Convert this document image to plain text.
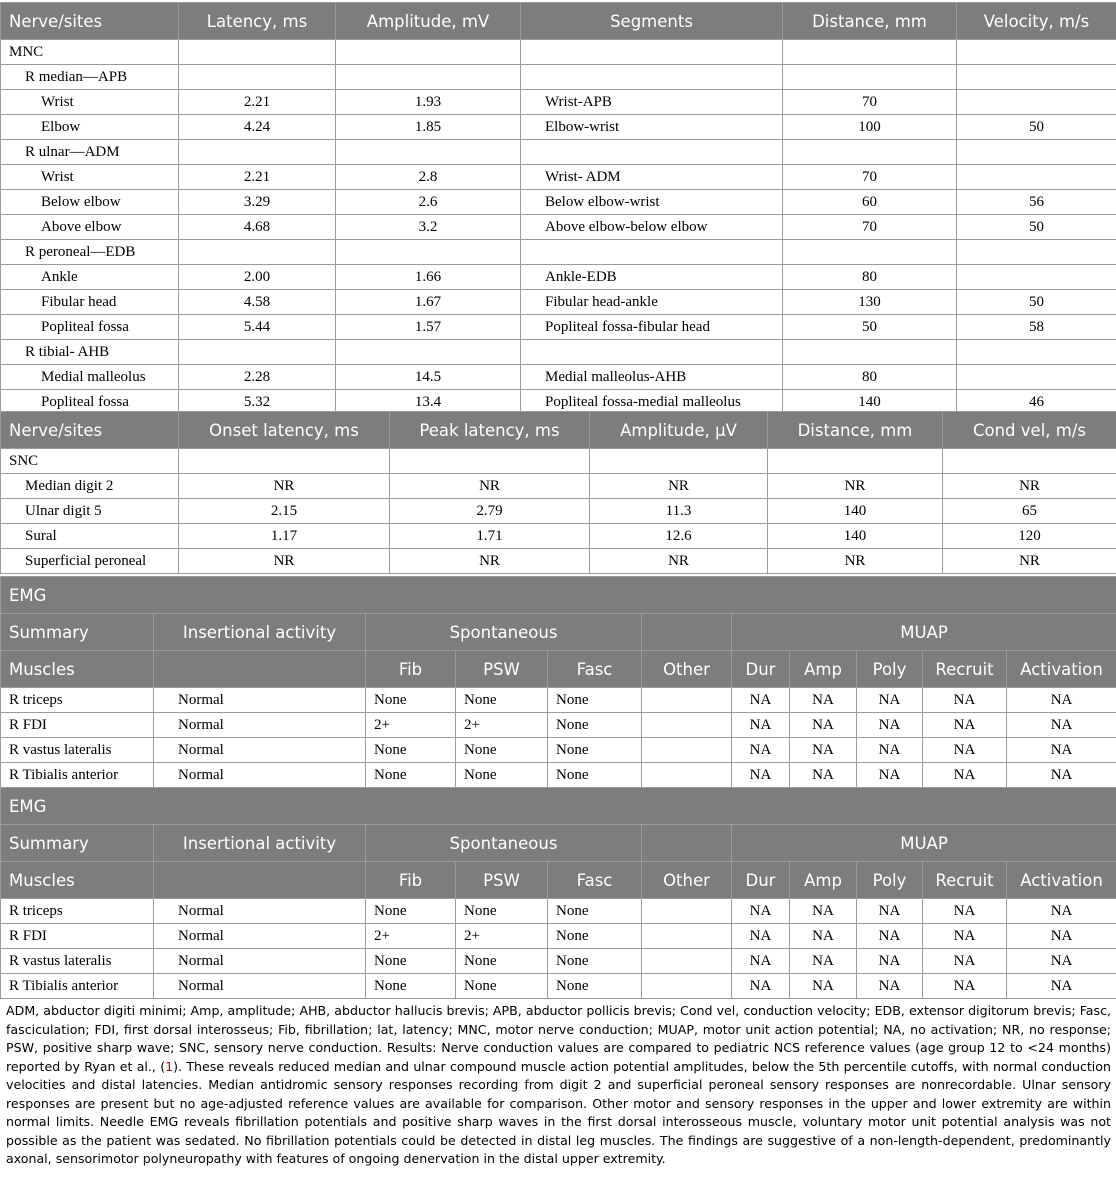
Nerve/sites	Latency, ms	Amplitude, mV	Segments	Distance, mm	Velocity, m/s
MNC					
R median—APB					
Wrist	2.21	1.93	Wrist-APB	70	
Elbow	4.24	1.85	Elbow-wrist	100	50
R ulnar—ADM					
Wrist	2.21	2.8	Wrist- ADM	70	
Below elbow	3.29	2.6	Below elbow-wrist	60	56
Above elbow	4.68	3.2	Above elbow-below elbow	70	50
R peroneal—EDB					
Ankle	2.00	1.66	Ankle-EDB	80	
Fibular head	4.58	1.67	Fibular head-ankle	130	50
Popliteal fossa	5.44	1.57	Popliteal fossa-fibular head	50	58
R tibial- AHB					
Medial malleolus	2.28	14.5	Medial malleolus-AHB	80	
Popliteal fossa	5.32	13.4	Popliteal fossa-medial malleolus	140	46
Nerve/sites	Onset latency, ms	Peak latency, ms	Amplitude, μV	Distance, mm	Cond vel, m/s
SNC					
Median digit 2	NR	NR	NR	NR	NR
Ulnar digit 5	2.15	2.79	11.3	140	65
Sural	1.17	1.71	12.6	140	120
Superficial peroneal	NR	NR	NR	NR	NR
EMG										
Summary	Insertional activity	Spontaneous				MUAP				
Muscles		Fib	PSW	Fasc	Other	Dur	Amp	Poly	Recruit	Activation
R triceps	Normal	None	None	None		NA	NA	NA	NA	NA
R FDI	Normal	2+	2+	None		NA	NA	NA	NA	NA
R vastus lateralis	Normal	None	None	None		NA	NA	NA	NA	NA
R Tibialis anterior	Normal	None	None	None		NA	NA	NA	NA	NA
EMG										
Summary	Insertional activity	Spontaneous				MUAP				
Muscles		Fib	PSW	Fasc	Other	Dur	Amp	Poly	Recruit	Activation
R triceps	Normal	None	None	None		NA	NA	NA	NA	NA
R FDI	Normal	2+	2+	None		NA	NA	NA	NA	NA
R vastus lateralis	Normal	None	None	None		NA	NA	NA	NA	NA
R Tibialis anterior	Normal	None	None	None		NA	NA	NA	NA	NA
ADM, abductor digiti minimi; Amp, amplitude; AHB, abductor hallucis brevis; APB, abductor pollicis brevis; Cond vel, conduction velocity; EDB, extensor digitorum brevis; Fasc, fasciculation; FDI, first dorsal interosseus; Fib, fibrillation; lat, latency; MNC, motor nerve conduction; MUAP, motor unit action potential; NA, no activation; NR, no response; PSW, positive sharp wave; SNC, sensory nerve conduction. Results: Nerve conduction values are compared to pediatric NCS reference values (age group 12 to <24 months) reported by Ryan et al., (1). These reveals reduced median and ulnar compound muscle action potential amplitudes, below the 5th percentile cutoffs, with normal conduction velocities and distal latencies. Median antidromic sensory responses recording from digit 2 and superficial peroneal sensory responses are nonrecordable. Ulnar sensory responses are present but no age-adjusted reference values are available for comparison. Other motor and sensory responses in the upper and lower extremity are within normal limits. Needle EMG reveals fibrillation potentials and positive sharp waves in the first dorsal interosseous muscle, voluntary motor unit potential analysis was not possible as the patient was sedated. No fibrillation potentials could be detected in distal leg muscles. The findings are suggestive of a non-length-dependent, predominantly axonal, sensorimotor polyneuropathy with features of ongoing denervation in the distal upper extremity.
